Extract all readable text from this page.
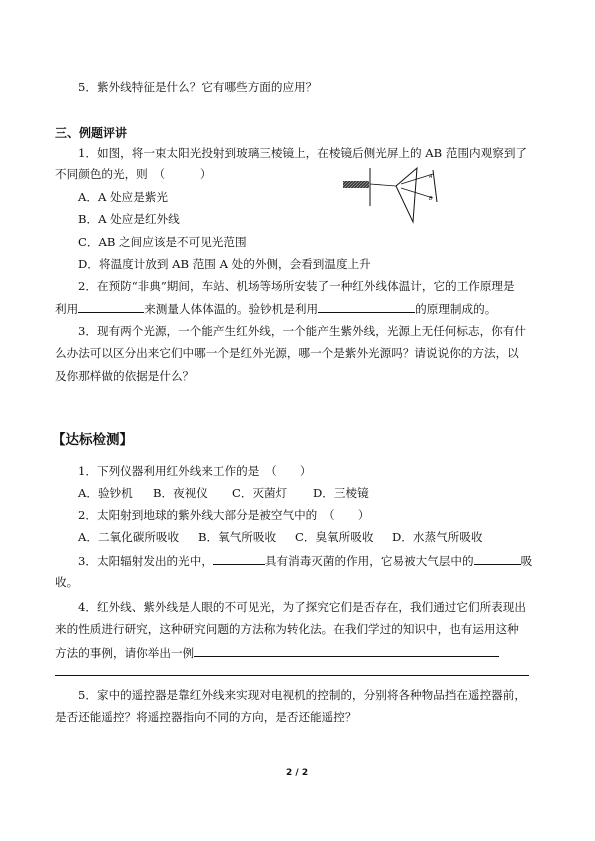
5．紫外线特征是什么？它有哪些方面的应用？
三、例题评讲
1．如图，将一束太阳光投射到玻璃三棱镜上，在棱镜后侧光屏上的 AB 范围内观察到了
不同颜色的光，则　（　　　）
A．A 处应是紫光
B．A 处应是红外线
C．AB 之间应该是不可见光范围
D．将温度计放到 AB 范围 A 处的外侧，会看到温度上升
A
B
2．在预防“非典”期间，车站、机场等场所安装了一种红外线体温计，它的工作原理是
利用	来测量人体体温的。验钞机是利用	的原理制成的。
3．现有两个光源，一个能产生红外线，一个能产生紫外线，光源上无任何标志，你有什
么办法可以区分出来它们中哪一个是红外光源，哪一个是紫外光源吗？请说说你的方法，以
及你那样做的依据是什么？
【达标检测】
1．下列仪器利用红外线来工作的是　（　　）
A．验钞机 B．夜视仪 C．灭菌灯 D．三棱镜
2．太阳射到地球的紫外线大部分是被空气中的　（　　）
A．二氧化碳所吸收 B．氧气所吸收 C．臭氧所吸收 D．水蒸气所吸收
3．太阳辐射发出的光中，	具有消毒灭菌的作用，它易被大气层中的	吸
收。
4．红外线、紫外线是人眼的不可见光，为了探究它们是否存在，我们通过它们所表现出
来的性质进行研究，这种研究问题的方法称为转化法。在我们学过的知识中，也有运用这种
方法的事例，请你举出一例
5．家中的遥控器是靠红外线来实现对电视机的控制的，分别将各种物品挡在遥控器前，
是否还能遥控？将遥控器指向不同的方向，是否还能遥控？
2 / 2
